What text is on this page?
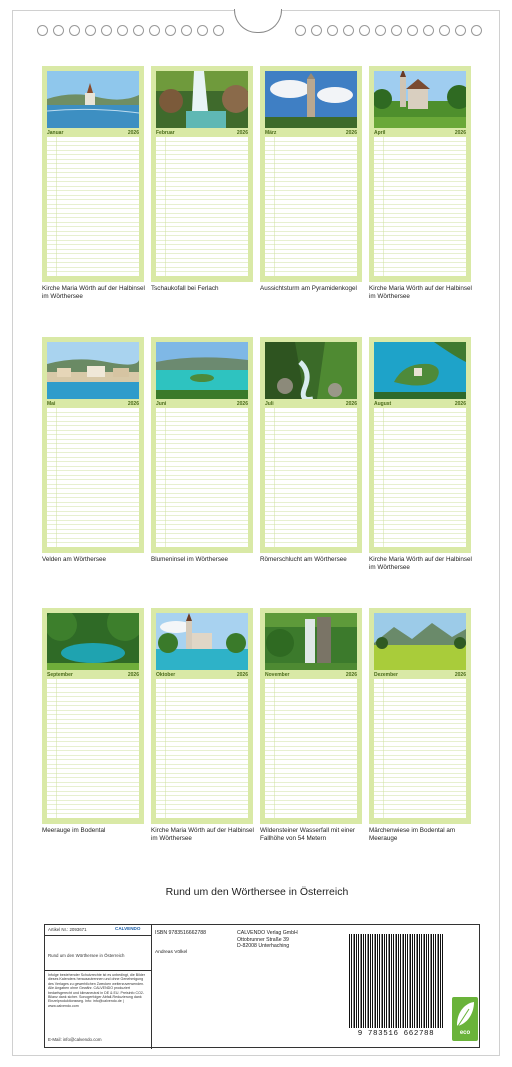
Januar	2026
Kirche Maria Wörth auf der Halbinsel im Wörthersee
Februar	2026
Tschaukofall bei Ferlach
März	2026
Aussichtsturm am Pyramidenkogel
April	2026
Kirche Maria Wörth auf der Halbinsel im Wörthersee
Mai	2026
Velden am Wörthersee
Juni	2026
Blumeninsel im Wörthersee
Juli	2026
Römerschlucht am Wörthersee
August	2026
Kirche Maria Wörth auf der Halbinsel im Wörthersee
September	2026
Meerauge im Bodental
Oktober	2026
Kirche Maria Wörth auf der Halbinsel im Wörthersee
November	2026
Wildensteiner Wasserfall mit einer Fallhöhe von 54 Metern
Dezember	2026
Märchenwiese im Bodental am Meerauge
Rund um den Wörthersee in Österreich
Artikel Nr.: 2093671	CALVENDO
Rund um den Wörthersee in Österreich
Infolge bestehender Schutzrechte ist es unbedingt, die Bilder dieses Kalenders herauszutrennen und ohne Genehmigung des Verlages zu gewerblichen Zwecken weiterzuverwenden. Alle Angaben ohne Gewähr. CALVENDO produziert bedarfsgerecht und klimaneutral in DE & EU. Preisinfo CO2-Bilanz dank sicher. Sonogerfolger Abfall-Reduzierung dank Einzelproduktionsweg. Info: info@calvendo.de | www.calvendo.com
E-Mail: info@calvendo.com
ISBN 9783516662788
Andreas Völkel
CALVENDO Verlag GmbH
Ottobrunner Straße 39
D-82008 Unterhaching
9 783516 662788	eco
